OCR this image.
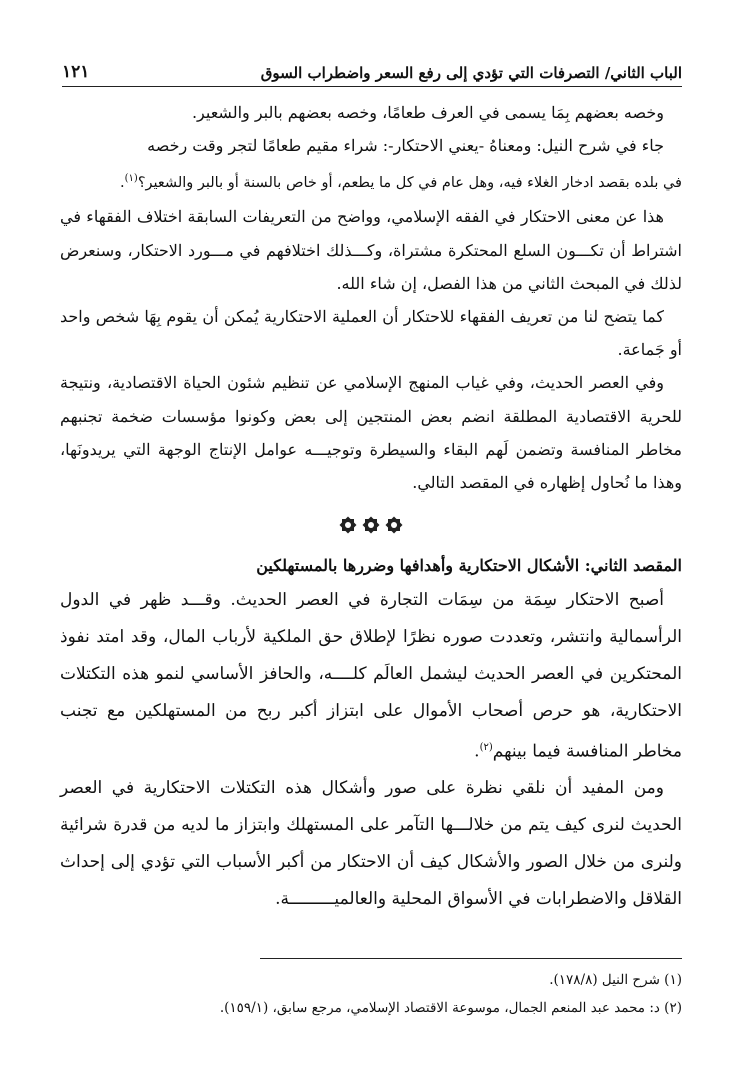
الباب الثاني/ التصرفات التي تؤدي إلى رفع السعر واضطراب السوق
١٢١

وخصه بعضهم بِمَا يسمى في العرف طعامًا، وخصه بعضهم بالبر والشعير.

جاء في شرح النيل: ومعناهُ -يعني الاحتكار-: شراء مقيم طعامًا لتجر وقت رخصه

في بلده بقصد ادخار الغلاء فيه، وهل عام في كل ما يطعم، أو خاص بالسنة أو بالبر والشعير؟$^{(١)}$.

هذا عن معنى الاحتكار في الفقه الإسلامي، وواضح من التعريفات السابقة اختلاف الفقهاء في اشتراط أن تكـــون السلع المحتكرة مشتراة، وكـــذلك اختلافهم في مـــورد الاحتكار، وسنعرض لذلك في المبحث الثاني من هذا الفصل، إن شاء الله.

كما يتضح لنا من تعريف الفقهاء للاحتكار أن العملية الاحتكارية يُمكن أن يقوم بِهَا شخص واحد أو جَماعة.

وفي العصر الحديث، وفي غياب المنهج الإسلامي عن تنظيم شئون الحياة الاقتصادية، ونتيجة للحرية الاقتصادية المطلقة انضم بعض المنتجين إلى بعض وكونوا مؤسسات ضخمة تجنبهم مخاطر المنافسة وتضمن لَهم البقاء والسيطرة وتوجيـــه عوامل الإنتاج الوجهة التي يريدونَها، وهذا ما نُحاول إظهاره في المقصد التالي.

المقصد الثاني: الأشكال الاحتكارية وأهدافها وضررها بالمستهلكين

أصبح الاحتكار سِمَة من سِمَات التجارة في العصر الحديث. وقـــد ظهر في الدول الرأسمالية وانتشر، وتعددت صوره نظرًا لإطلاق حق الملكية لأرباب المال، وقد امتد نفوذ المحتكرين في العصر الحديث ليشمل العالَم كلــــه، والحافز الأساسي لنمو هذه التكتلات الاحتكارية، هو حرص أصحاب الأموال على ابتزاز أكبر ربح من المستهلكين مع تجنب مخاطر المنافسة فيما بينهم$^{(٢)}$.

ومن المفيد أن نلقي نظرة على صور وأشكال هذه التكتلات الاحتكارية في العصر الحديث لنرى كيف يتم من خلالـــها التآمر على المستهلك وابتزاز ما لديه من قدرة شرائية ولنرى من خلال الصور والأشكال كيف أن الاحتكار من أكبر الأسباب التي تؤدي إلى إحداث القلاقل والاضطرابات في الأسواق المحلية والعالميـــــــــة.

(١) شرح النيل (١٧٨/٨).
(٢) د: محمد عبد المنعم الجمال، موسوعة الاقتصاد الإسلامي، مرجع سابق، (١٥٩/١).
